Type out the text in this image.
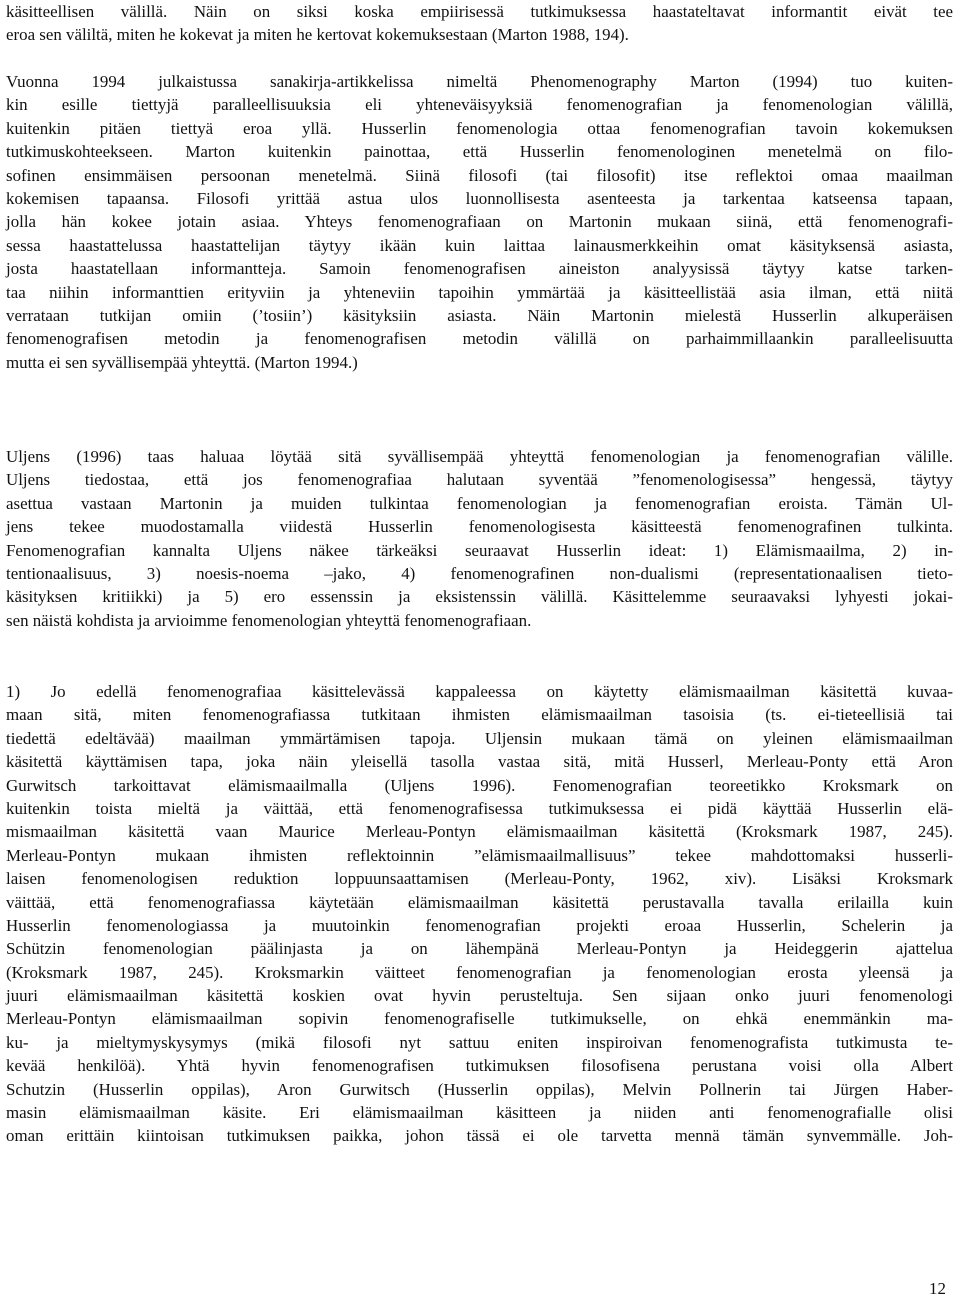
käsitteellisen välillä. Näin on siksi koska empiirisessä tutkimuksessa haastateltavat informantit eivät tee
eroa sen väliltä, miten he kokevat ja miten he kertovat kokemuksestaan (Marton 1988, 194).
Vuonna 1994 julkaistussa sanakirja-artikkelissa nimeltä Phenomenography Marton (1994) tuo kuiten-
kin esille tiettyjä paralleellisuuksia eli yhteneväisyyksiä fenomenografian ja fenomenologian välillä,
kuitenkin pitäen tiettyä eroa yllä. Husserlin fenomenologia ottaa fenomenografian tavoin kokemuksen
tutkimuskohteekseen. Marton kuitenkin painottaa, että Husserlin fenomenologinen menetelmä on filo-
sofinen ensimmäisen persoonan menetelmä. Siinä filosofi (tai filosofit) itse reflektoi omaa maailman
kokemisen tapaansa. Filosofi yrittää astua ulos luonnollisesta asenteesta ja tarkentaa katseensa tapaan,
jolla hän kokee jotain asiaa. Yhteys fenomenografiaan on Martonin mukaan siinä, että fenomenografi-
sessa haastattelussa haastattelijan täytyy ikään kuin laittaa lainausmerkkeihin omat käsityksensä asiasta,
josta haastatellaan informantteja. Samoin fenomenografisen aineiston analyysissä täytyy katse tarken-
taa niihin informanttien erityviin ja yhteneviin tapoihin ymmärtää ja käsitteellistää asia ilman, että niitä
verrataan tutkijan omiin (’tosiin’) käsityksiin asiasta. Näin Martonin mielestä Husserlin alkuperäisen
fenomenografisen metodin ja fenomenografisen metodin välillä on parhaimmillaankin paralleelisuutta
mutta ei sen syvällisempää yhteyttä. (Marton 1994.)
Uljens (1996) taas haluaa löytää sitä syvällisempää yhteyttä fenomenologian ja fenomenografian välille.
Uljens tiedostaa, että jos fenomenografiaa halutaan syventää ”fenomenologisessa” hengessä, täytyy
asettua vastaan Martonin ja muiden tulkintaa fenomenologian ja fenomenografian eroista. Tämän Ul-
jens tekee muodostamalla viidestä Husserlin fenomenologisesta käsitteestä fenomenografinen tulkinta.
Fenomenografian kannalta Uljens näkee tärkeäksi seuraavat Husserlin ideat: 1) Elämismaailma, 2) in-
tentionaalisuus, 3) noesis-noema –jako, 4) fenomenografinen non-dualismi (representationaalisen tieto-
käsityksen kritiikki) ja 5) ero essenssin ja eksistenssin välillä. Käsittelemme seuraavaksi lyhyesti jokai-
sen näistä kohdista ja arvioimme fenomenologian yhteyttä fenomenografiaan.
1) Jo edellä fenomenografiaa käsittelevässä kappaleessa on käytetty elämismaailman käsitettä kuvaa-
maan sitä, miten fenomenografiassa tutkitaan ihmisten elämismaailman tasoisia (ts. ei-tieteellisiä tai
tiedettä edeltävää) maailman ymmärtämisen tapoja. Uljensin mukaan tämä on yleinen elämismaailman
käsitettä käyttämisen tapa, joka näin yleisellä tasolla vastaa sitä, mitä Husserl, Merleau-Ponty että Aron
Gurwitsch tarkoittavat elämismaailmalla (Uljens 1996). Fenomenografian teoreetikko Kroksmark on
kuitenkin toista mieltä ja väittää, että fenomenografisessa tutkimuksessa ei pidä käyttää Husserlin elä-
mismaailman käsitettä vaan Maurice Merleau-Pontyn elämismaailman käsitettä (Kroksmark 1987, 245).
Merleau-Pontyn mukaan ihmisten reflektoinnin ”elämismaailmallisuus” tekee mahdottomaksi husserli-
laisen fenomenologisen reduktion loppuunsaattamisen (Merleau-Ponty, 1962, xiv). Lisäksi Kroksmark
väittää, että fenomenografiassa käytetään elämismaailman käsitettä perustavalla tavalla erilailla kuin
Husserlin fenomenologiassa ja muutoinkin fenomenografian projekti eroaa Husserlin, Schelerin ja
Schützin fenomenologian päälinjasta ja on lähempänä Merleau-Pontyn ja Heideggerin ajattelua
(Kroksmark 1987, 245). Kroksmarkin väitteet fenomenografian ja fenomenologian erosta yleensä ja
juuri elämismaailman käsitettä koskien ovat hyvin perusteltuja. Sen sijaan onko juuri fenomenologi
Merleau-Pontyn elämismaailman sopivin fenomenografiselle tutkimukselle, on ehkä enemmänkin ma-
ku- ja mieltymyskysymys (mikä filosofi nyt sattuu eniten inspiroivan fenomenografista tutkimusta te-
kevää henkilöä). Yhtä hyvin fenomenografisen tutkimuksen filosofisena perustana voisi olla Albert
Schutzin (Husserlin oppilas), Aron Gurwitsch (Husserlin oppilas), Melvin Pollnerin tai Jürgen Haber-
masin elämismaailman käsite. Eri elämismaailman käsitteen ja niiden anti fenomenografialle olisi
oman erittäin kiintoisan tutkimuksen paikka, johon tässä ei ole tarvetta mennä tämän synvemmälle. Joh-
12
